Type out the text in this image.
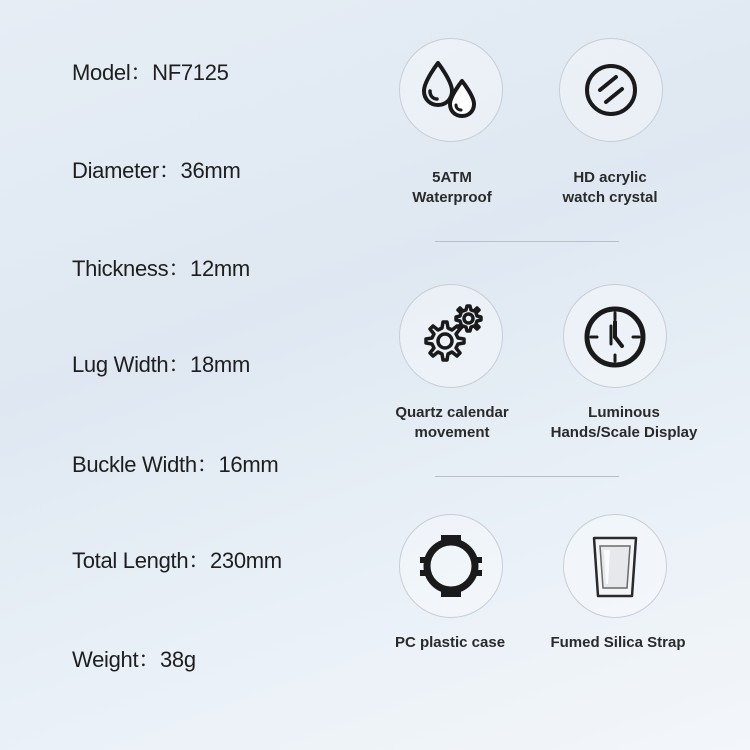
Model：NF7125
Diameter：36mm
Thickness：12mm
Lug Width：18mm
Buckle Width：16mm
Total Length：230mm
Weight：38g
5ATM
Waterproof
HD acrylic
watch crystal
Quartz calendar
movement
Luminous
Hands/Scale Display
PC plastic case	Fumed Silica Strap
